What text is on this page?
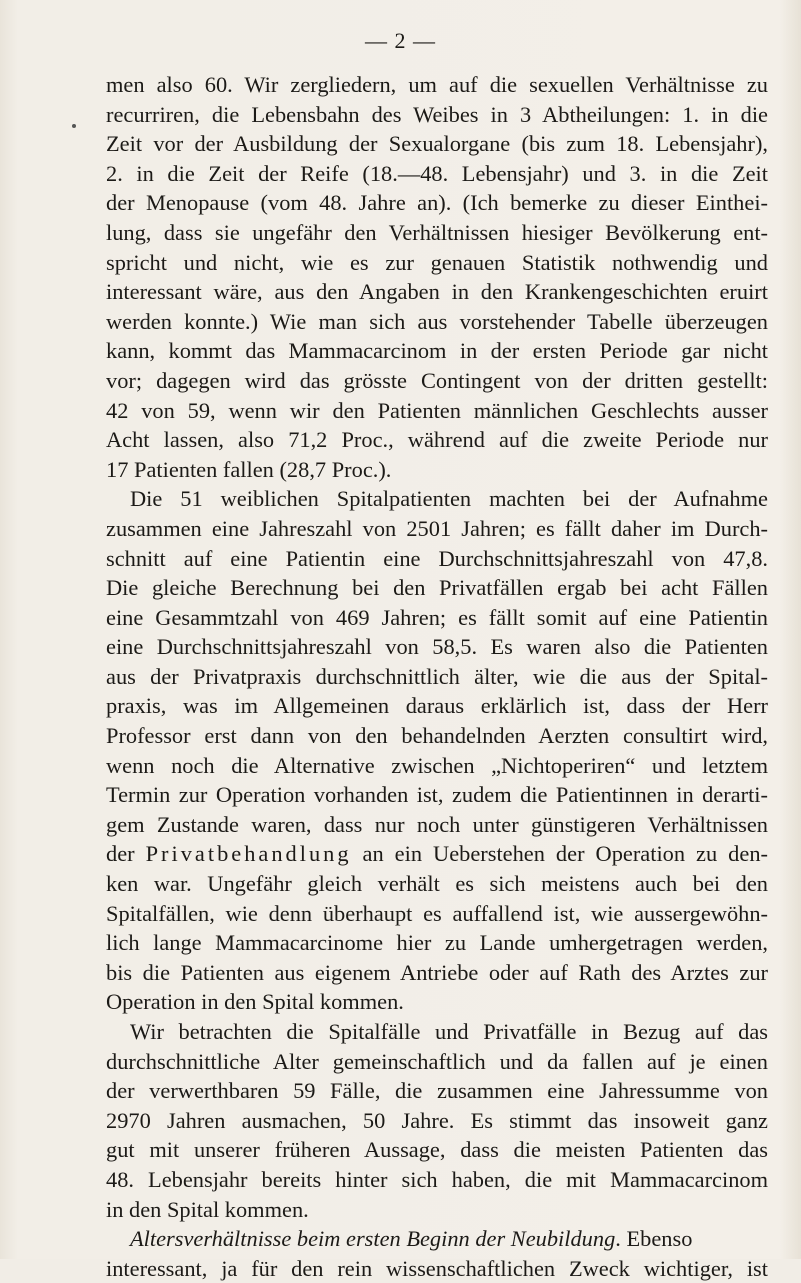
— 2 —
men also 60. Wir zergliedern, um auf die sexuellen Verhältnisse zu
recurriren, die Lebensbahn des Weibes in 3 Abtheilungen: 1. in die
Zeit vor der Ausbildung der Sexualorgane (bis zum 18. Lebensjahr),
2. in die Zeit der Reife (18.—48. Lebensjahr) und 3. in die Zeit
der Menopause (vom 48. Jahre an). (Ich bemerke zu dieser Einthei-
lung, dass sie ungefähr den Verhältnissen hiesiger Bevölkerung ent-
spricht und nicht, wie es zur genauen Statistik nothwendig und
interessant wäre, aus den Angaben in den Krankengeschichten eruirt
werden konnte.) Wie man sich aus vorstehender Tabelle überzeugen
kann, kommt das Mammacarcinom in der ersten Periode gar nicht
vor; dagegen wird das grösste Contingent von der dritten gestellt:
42 von 59, wenn wir den Patienten männlichen Geschlechts ausser
Acht lassen, also 71,2 Proc., während auf die zweite Periode nur
17 Patienten fallen (28,7 Proc.).
Die 51 weiblichen Spitalpatienten machten bei der Aufnahme
zusammen eine Jahreszahl von 2501 Jahren; es fällt daher im Durch-
schnitt auf eine Patientin eine Durchschnittsjahreszahl von 47,8.
Die gleiche Berechnung bei den Privatfällen ergab bei acht Fällen
eine Gesammtzahl von 469 Jahren; es fällt somit auf eine Patientin
eine Durchschnittsjahreszahl von 58,5. Es waren also die Patienten
aus der Privatpraxis durchschnittlich älter, wie die aus der Spital-
praxis, was im Allgemeinen daraus erklärlich ist, dass der Herr
Professor erst dann von den behandelnden Aerzten consultirt wird,
wenn noch die Alternative zwischen „Nichtoperiren“ und letztem
Termin zur Operation vorhanden ist, zudem die Patientinnen in derarti-
gem Zustande waren, dass nur noch unter günstigeren Verhältnissen
der Privatbehandlung an ein Ueberstehen der Operation zu den-
ken war. Ungefähr gleich verhält es sich meistens auch bei den
Spitalfällen, wie denn überhaupt es auffallend ist, wie aussergewöhn-
lich lange Mammacarcinome hier zu Lande umhergetragen werden,
bis die Patienten aus eigenem Antriebe oder auf Rath des Arztes zur
Operation in den Spital kommen.
Wir betrachten die Spitalfälle und Privatfälle in Bezug auf das
durchschnittliche Alter gemeinschaftlich und da fallen auf je einen
der verwerthbaren 59 Fälle, die zusammen eine Jahressumme von
2970 Jahren ausmachen, 50 Jahre. Es stimmt das insoweit ganz
gut mit unserer früheren Aussage, dass die meisten Patienten das
48. Lebensjahr bereits hinter sich haben, die mit Mammacarcinom
in den Spital kommen.
Altersverhältnisse beim ersten Beginn der Neubildung. Ebenso
interessant, ja für den rein wissenschaftlichen Zweck wichtiger, ist
